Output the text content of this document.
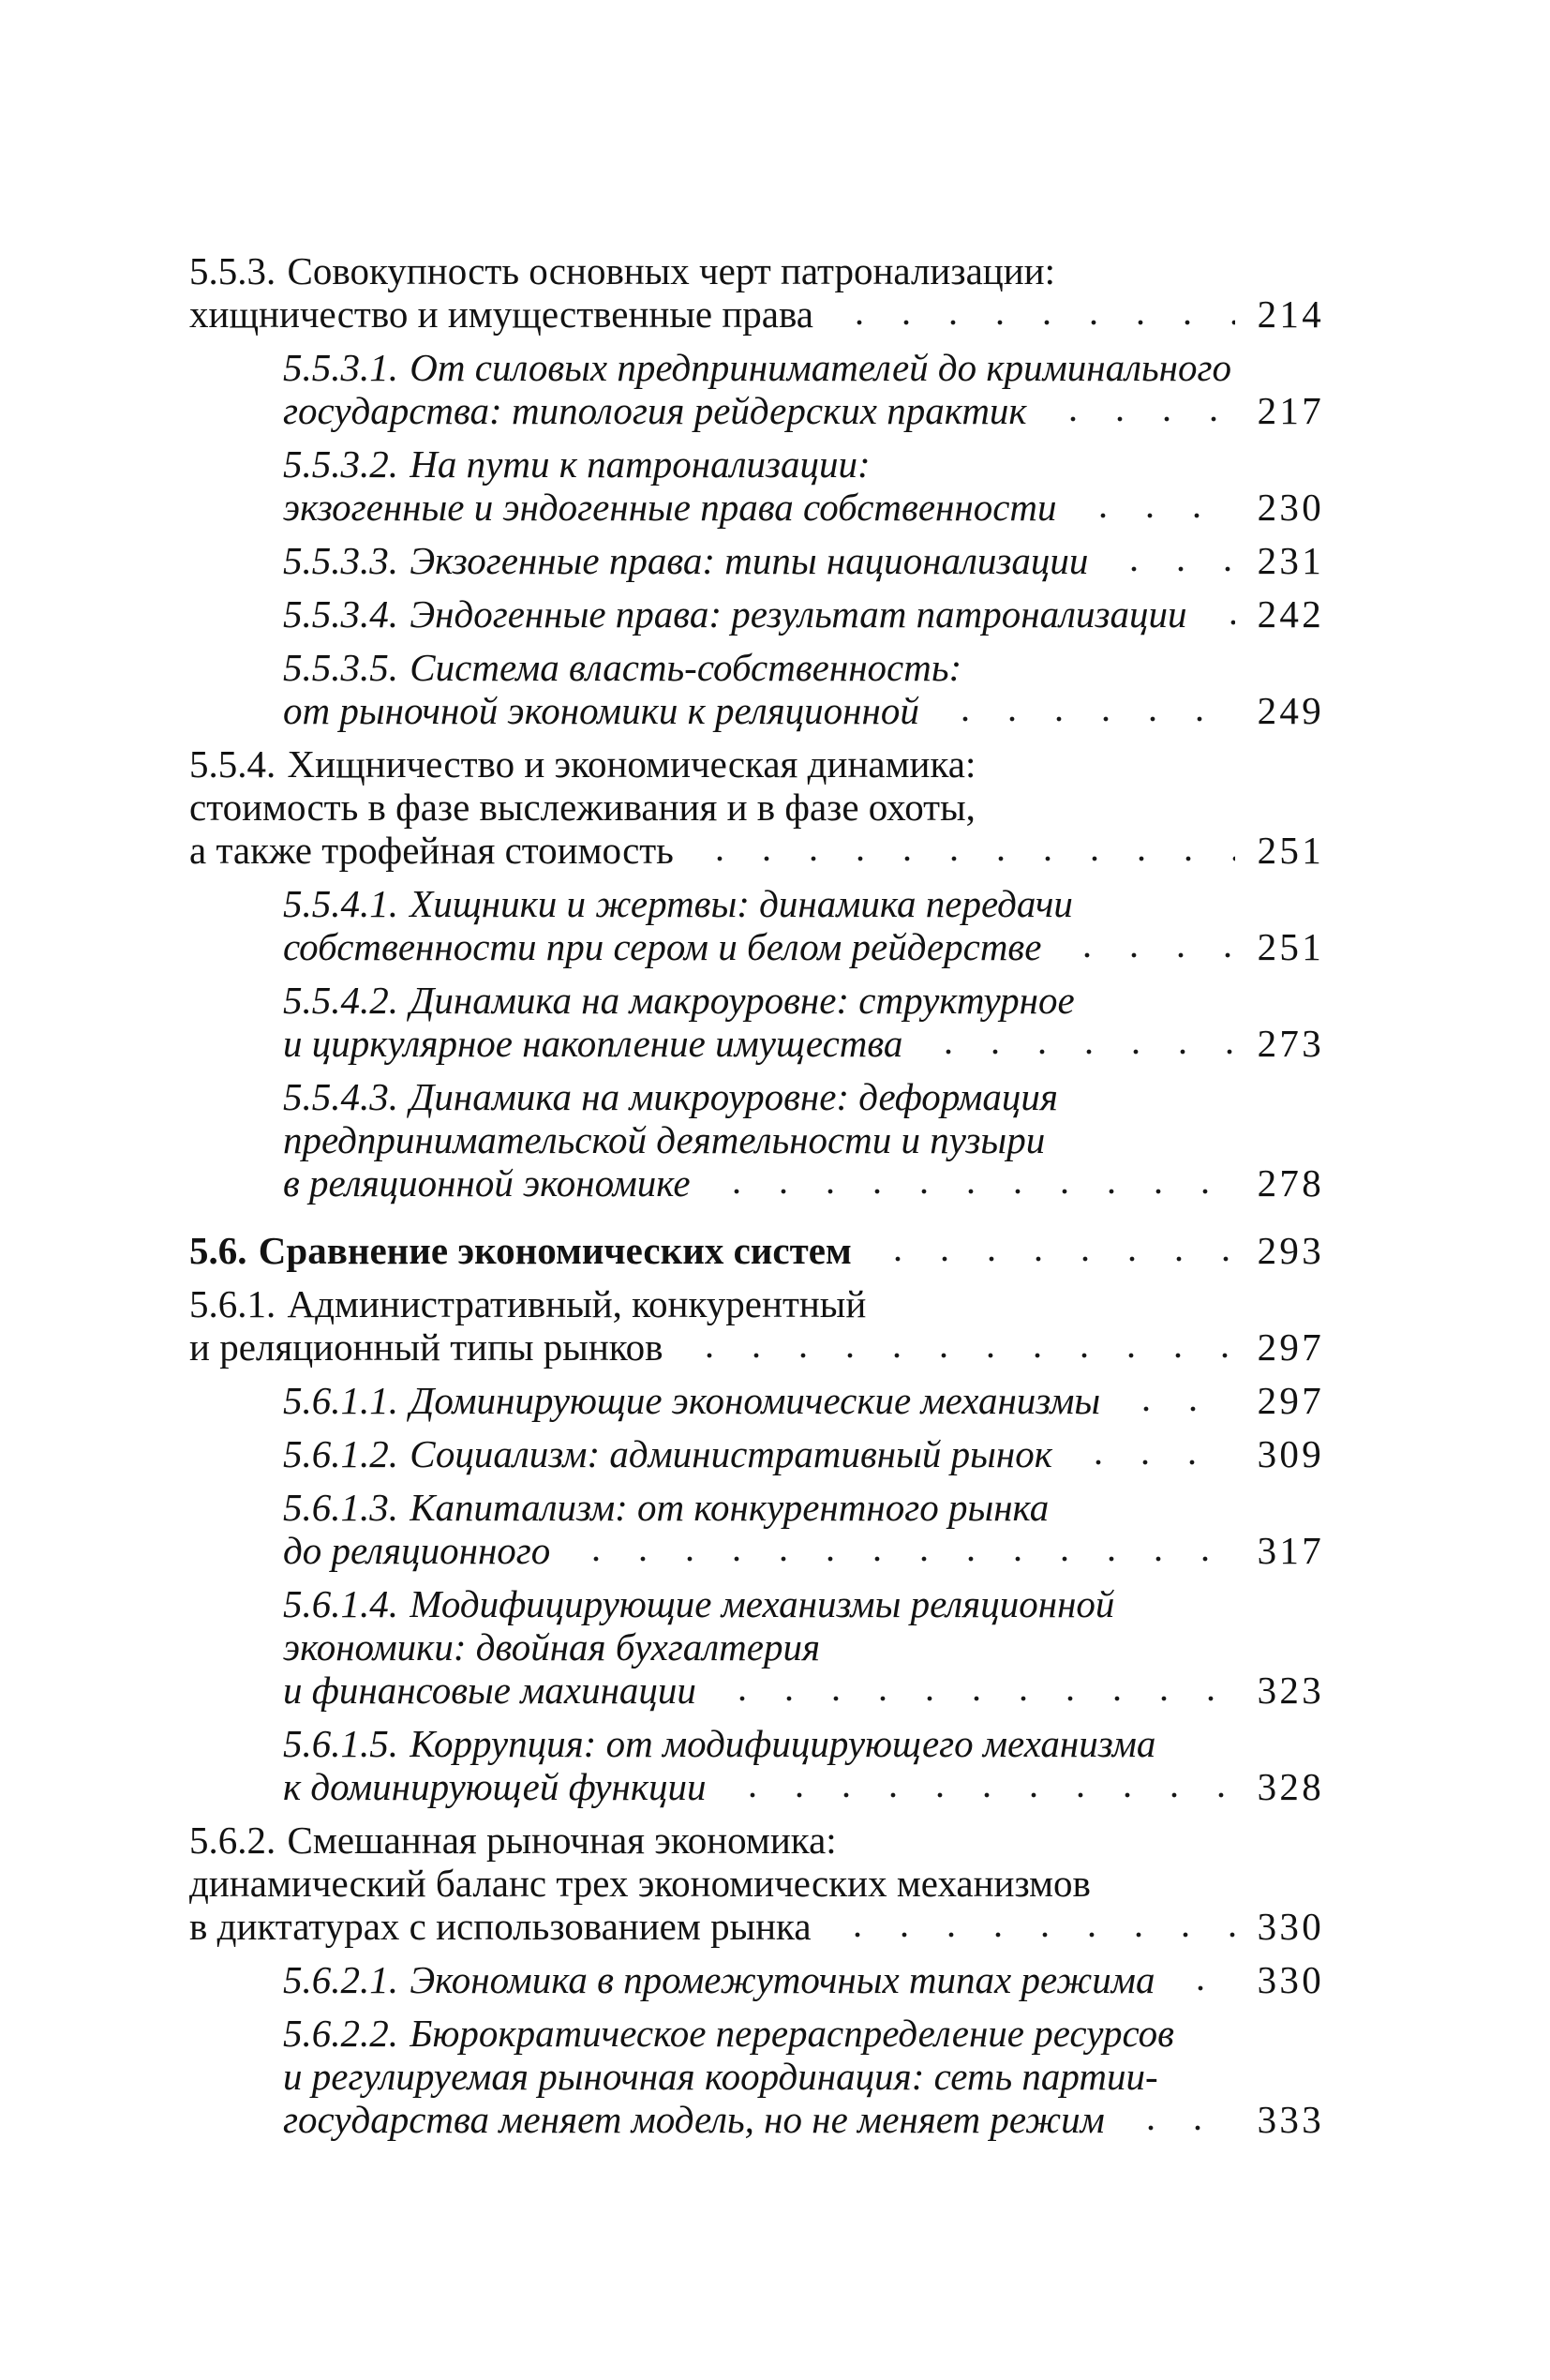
5.5.3. Совокупность основных черт патронализации:
хищничество и имущественные права	214
5.5.3.1. От силовых предпринимателей до криминального
государства: типология рейдерских практик	217
5.5.3.2. На пути к патронализации:
экзогенные и эндогенные права собственности	230
5.5.3.3. Экзогенные права: типы национализации	231
5.5.3.4. Эндогенные права: результат патронализации 242
5.5.3.5. Система власть-собственность:
от рыночной экономики к реляционной	249
5.5.4. Хищничество и экономическая динамика:
стоимость в фазе выслеживания и в фазе охоты,
а также трофейная стоимость	251
5.5.4.1. Хищники и жертвы: динамика передачи
собственности при сером и белом рейдерстве	251
5.5.4.2. Динамика на макроуровне: структурное
и циркулярное накопление имущества	273
5.5.4.3. Динамика на микроуровне: деформация
предпринимательской деятельности и пузыри
в реляционной экономике	278
5.6. Сравнение экономических систем	293
5.6.1. Административный, конкурентный
и реляционный типы рынков	297
5.6.1.1. Доминирующие экономические механизмы	297
5.6.1.2. Социализм: административный рынок	309
5.6.1.3. Капитализм: от конкурентного рынка
до реляционного	317
5.6.1.4. Модифицирующие механизмы реляционной
экономики: двойная бухгалтерия
и финансовые махинации	323
5.6.1.5. Коррупция: от модифицирующего механизма
к доминирующей функции	328
5.6.2. Смешанная рыночная экономика:
динамический баланс трех экономических механизмов
в диктатурах с использованием рынка	330
5.6.2.1. Экономика в промежуточных типах режима	330
5.6.2.2. Бюрократическое перераспределение ресурсов
и регулируемая рыночная координация: сеть партии-
государства меняет модель, но не меняет режим	333
